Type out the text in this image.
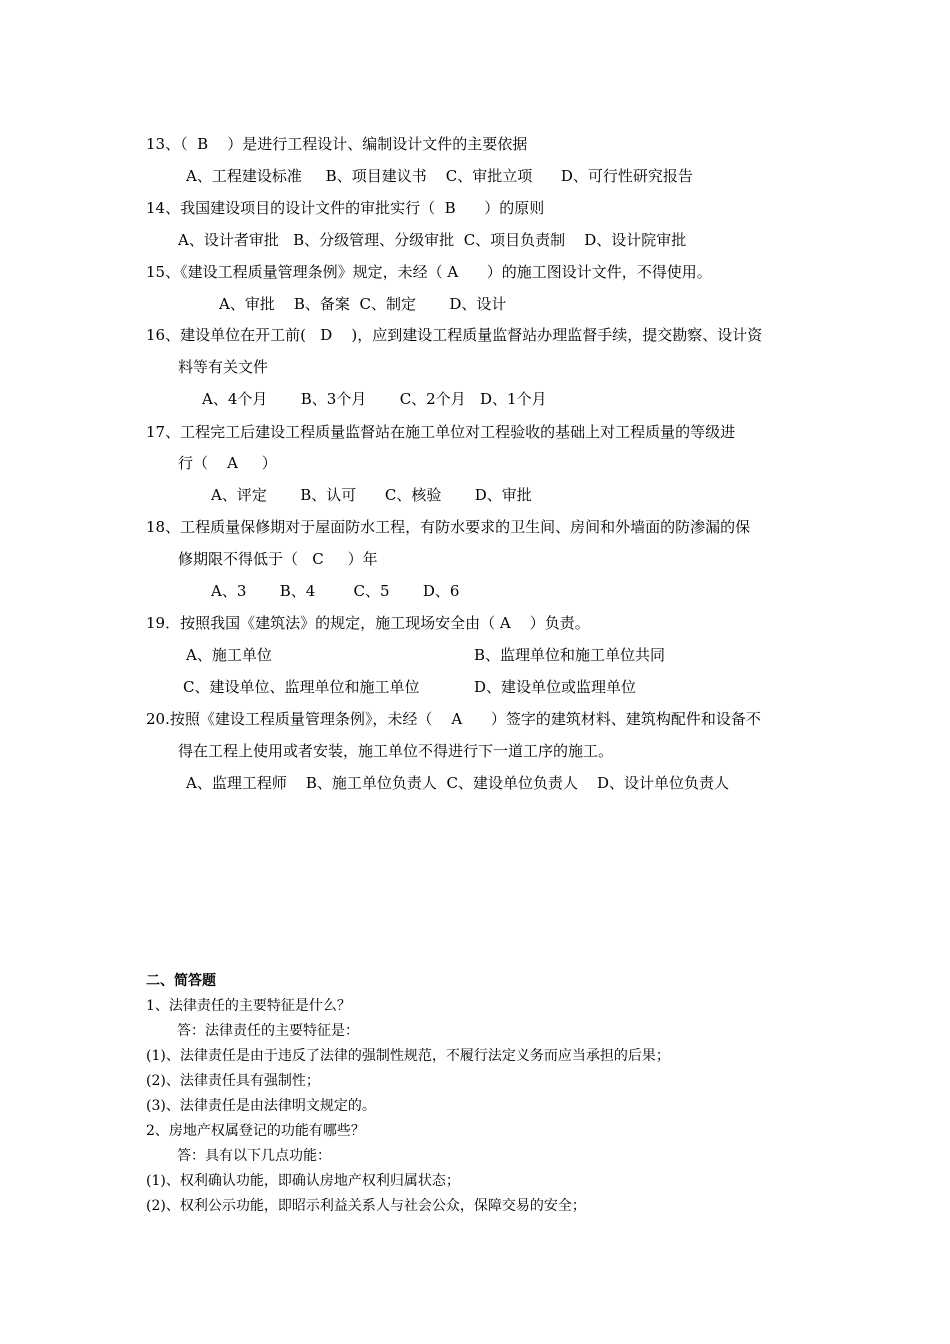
13、（  B    ）是进行工程设计、编制设计文件的主要依据
A、工程建设标准     B、项目建议书    C、审批立项      D、可行性研究报告
14、我国建设项目的设计文件的审批实行（  B      ）的原则
A、设计者审批   B、分级管理、分级审批  C、项目负责制    D、设计院审批
15、《建设工程质量管理条例》规定，未经（ A      ）的施工图设计文件，不得使用。
A、审批    B、备案  C、制定       D、设计
16、建设单位在开工前(   D    )，应到建设工程质量监督站办理监督手续，提交勘察、设计资
料等有关文件
A、4个月       B、3个月       C、2个月   D、1个月
17、工程完工后建设工程质量监督站在施工单位对工程验收的基础上对工程质量的等级进
行（    A     ）
A、评定       B、认可      C、核验       D、审批
18、工程质量保修期对于屋面防水工程，有防水要求的卫生间、房间和外墙面的防渗漏的保
修期限不得低于（   C     ）年
A、3       B、4        C、5       D、6
19．按照我国《建筑法》的规定，施工现场安全由（ A    ）负责。
A、施工单位	B、监理单位和施工单位共同
C、建设单位、监理单位和施工单位	D、建设单位或监理单位
20.按照《建设工程质量管理条例》，未经（    A      ）签字的建筑材料、建筑构配件和设备不
得在工程上使用或者安装，施工单位不得进行下一道工序的施工。
A、监理工程师    B、施工单位负责人  C、建设单位负责人    D、设计单位负责人
二、简答题
1、法律责任的主要特征是什么？
答：法律责任的主要特征是：
(1)、法律责任是由于违反了法律的强制性规范，不履行法定义务而应当承担的后果；
(2)、法律责任具有强制性；
(3)、法律责任是由法律明文规定的。
2、房地产权属登记的功能有哪些？
答：具有以下几点功能：
(1)、权利确认功能，即确认房地产权利归属状态；
(2)、权利公示功能，即昭示利益关系人与社会公众，保障交易的安全；
